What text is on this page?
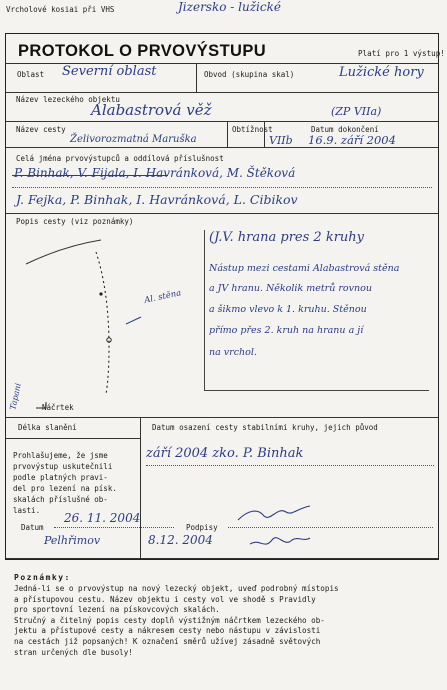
Vrcholové kosiai při VHS	Jizersko - lužické
Platí pro 1 výstup!
PROTOKOL O PRVOVÝSTUPU
Oblast Severní oblast	Obvod (skupina skal)	Lužické hory
Název lezeckého objektu
Alabastrová věž	(ZP VIIa)
Název cesty
Želivorozmatná Maruška
Obtížnost
VIIb
Datum dokončení
16.9. září 2004
Celá jména prvovýstupců a oddílová příslušnost
P. Binhak, V. Fijala, I. Havránková, M. Štěková
J. Fejka, P. Binhak, I. Havránková, L. Cibikov
Popis cesty (viz poznámky)
Al. stěna
Tapani	Náčrtek
(J.V. hrana pres 2 kruhy
Nástup mezi cestami Alabastrová stěna
a JV hranu. Několik metrů rovnou
a šikmo vlevo k 1. kruhu. Stěnou
přímo přes 2. kruh na hranu a jí
na vrchol.
Délka slanění	Datum osazení cesty stabilními kruhy, jejich původ
září 2004 zko. P. Binhak
Prohlašujeme, že jsme
prvovýstup uskutečnili
podle platných pravi-
del pro lezení na písk.
skalách příslušné ob-
lasti.
Datum
26. 11. 2004
Podpisy
Pelhřimov	8.12. 2004
Poznámky:
Jedná-li se o prvovýstup na nový lezecký objekt, uveď podrobný místopis
a přístupovou cestu. Název objektu i cesty vol ve shodě s Pravidly
pro sportovní lezení na pískovcových skalách.
Stručný a čitelný popis cesty doplň výstižným náčrtkem lezeckého ob-
jektu a přístupové cesty a nákresem cesty nebo nástupu v závislosti
na cestách již popsaných! K označení směrů užívej zásadně světových
stran určených dle busoly!
